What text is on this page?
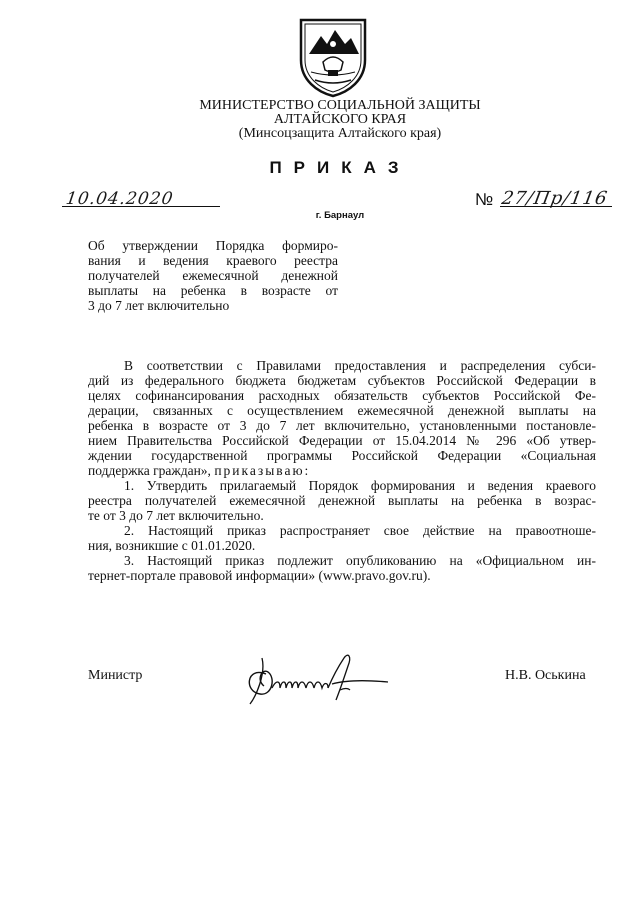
МИНИСТЕРСТВО СОЦИАЛЬНОЙ ЗАЩИТЫ
АЛТАЙСКОГО КРАЯ
(Минсоцзащита Алтайского края)
ПРИКАЗ
10.04.2020	№ 27/Пр/116
г. Барнаул
Об утверждении Порядка формиро-
вания и ведения краевого реестра
получателей ежемесячной денежной
выплаты на ребенка в возрасте от
3 до 7 лет включительно
В соответствии с Правилами предоставления и распределения субси-
дий из федерального бюджета бюджетам субъектов Российской Федерации в
целях софинансирования расходных обязательств субъектов Российской Фе-
дерации, связанных с осуществлением ежемесячной денежной выплаты на
ребенка в возрасте от 3 до 7 лет включительно, установленными постановле-
нием Правительства Российской Федерации от 15.04.2014 № 296 «Об утвер-
ждении государственной программы Российской Федерации «Социальная
поддержка граждан», приказываю:
1. Утвердить прилагаемый Порядок формирования и ведения краевого
реестра получателей ежемесячной денежной выплаты на ребенка в возрас-
те от 3 до 7 лет включительно.
2. Настоящий приказ распространяет свое действие на правоотноше-
ния, возникшие с 01.01.2020.
3. Настоящий приказ подлежит опубликованию на «Официальном ин-
тернет-портале правовой информации» (www.pravo.gov.ru).
Министр	Н.В. Оськина
